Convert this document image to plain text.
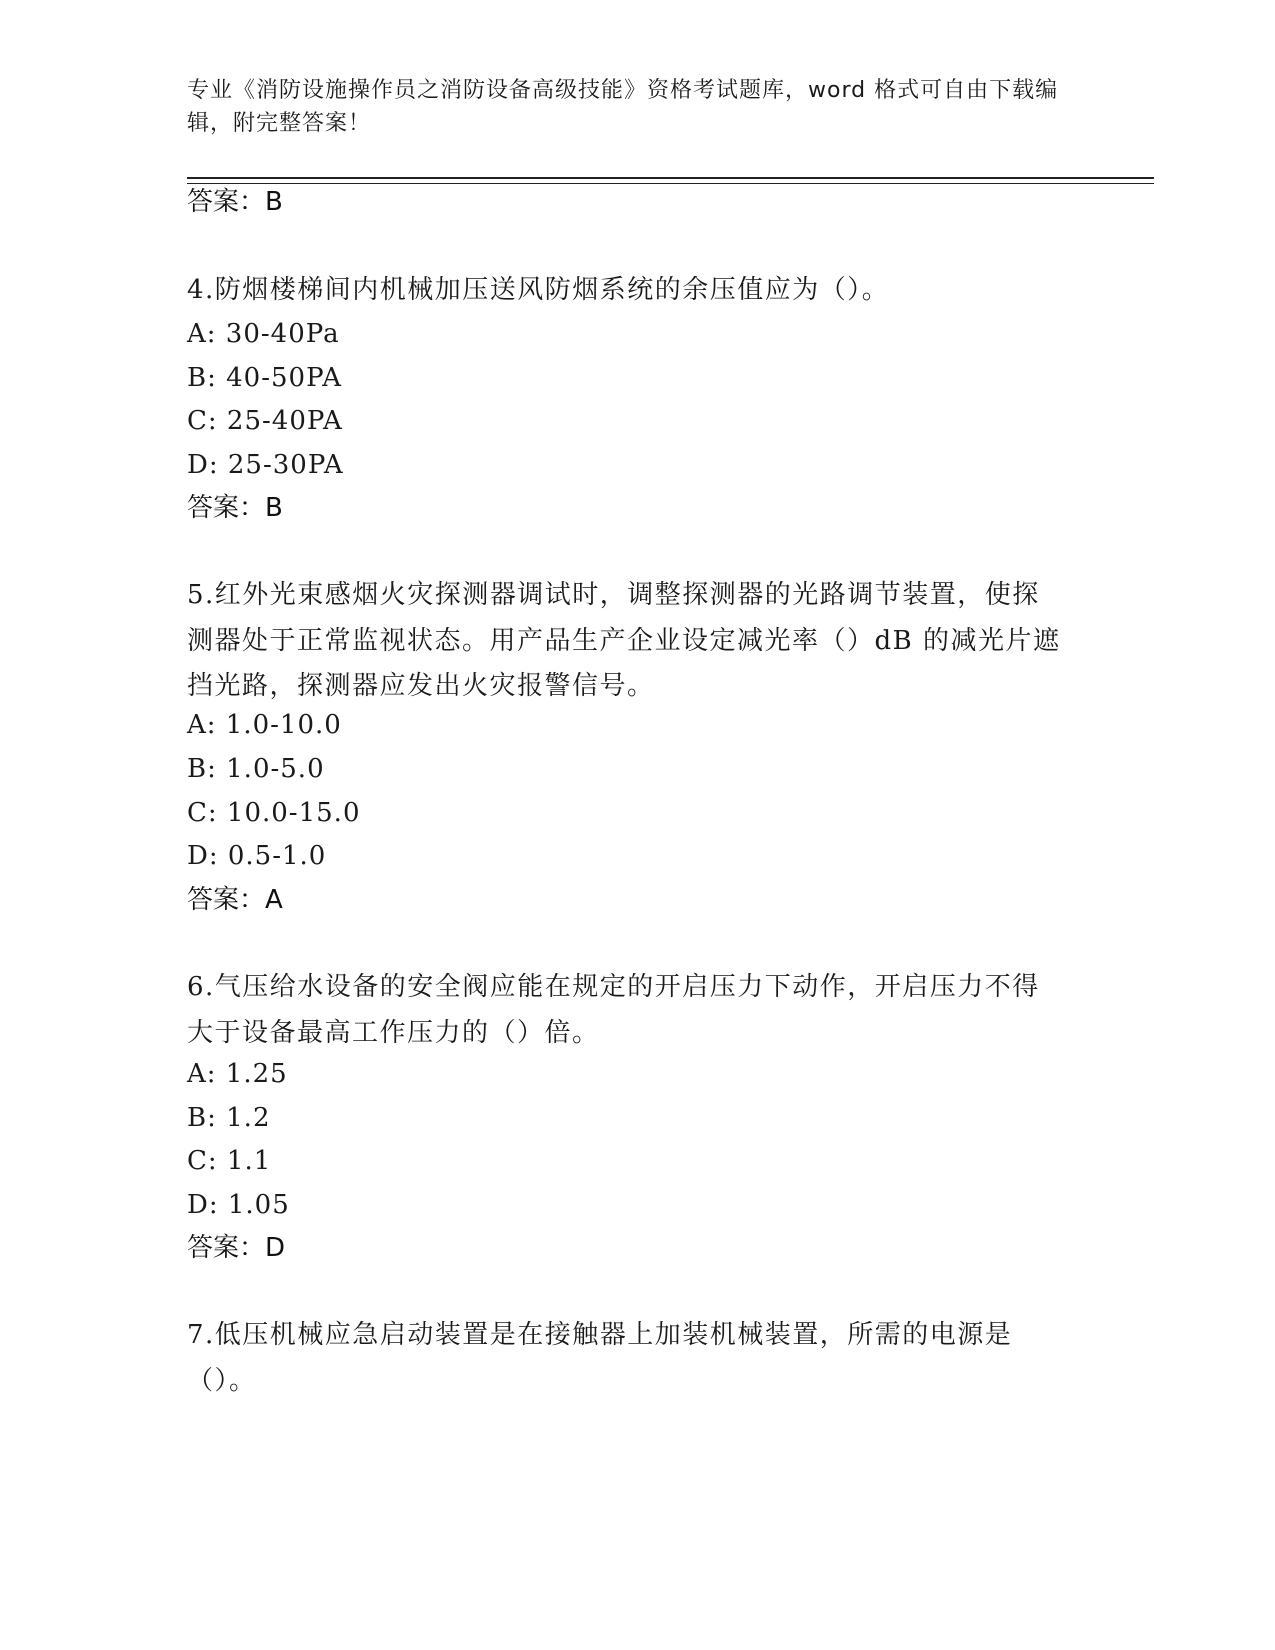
专业《消防设施操作员之消防设备高级技能》资格考试题库，word 格式可自由下载编辑，附完整答案！
答案：B

4.防烟楼梯间内机械加压送风防烟系统的余压值应为（）。

A: 30-40Pa
B: 40-50PA
C: 25-40PA
D: 25-30PA
答案：B

5.红外光束感烟火灾探测器调试时，调整探测器的光路调节装置，使探测器处于正常监视状态。用产品生产企业设定减光率（）dB 的减光片遮挡光路，探测器应发出火灾报警信号。

A: 1.0-10.0
B: 1.0-5.0
C: 10.0-15.0
D: 0.5-1.0
答案：A

6.气压给水设备的安全阀应能在规定的开启压力下动作，开启压力不得大于设备最高工作压力的（）倍。

A: 1.25
B: 1.2
C: 1.1
D: 1.05
答案：D

7.低压机械应急启动装置是在接触器上加装机械装置，所需的电源是（）。
